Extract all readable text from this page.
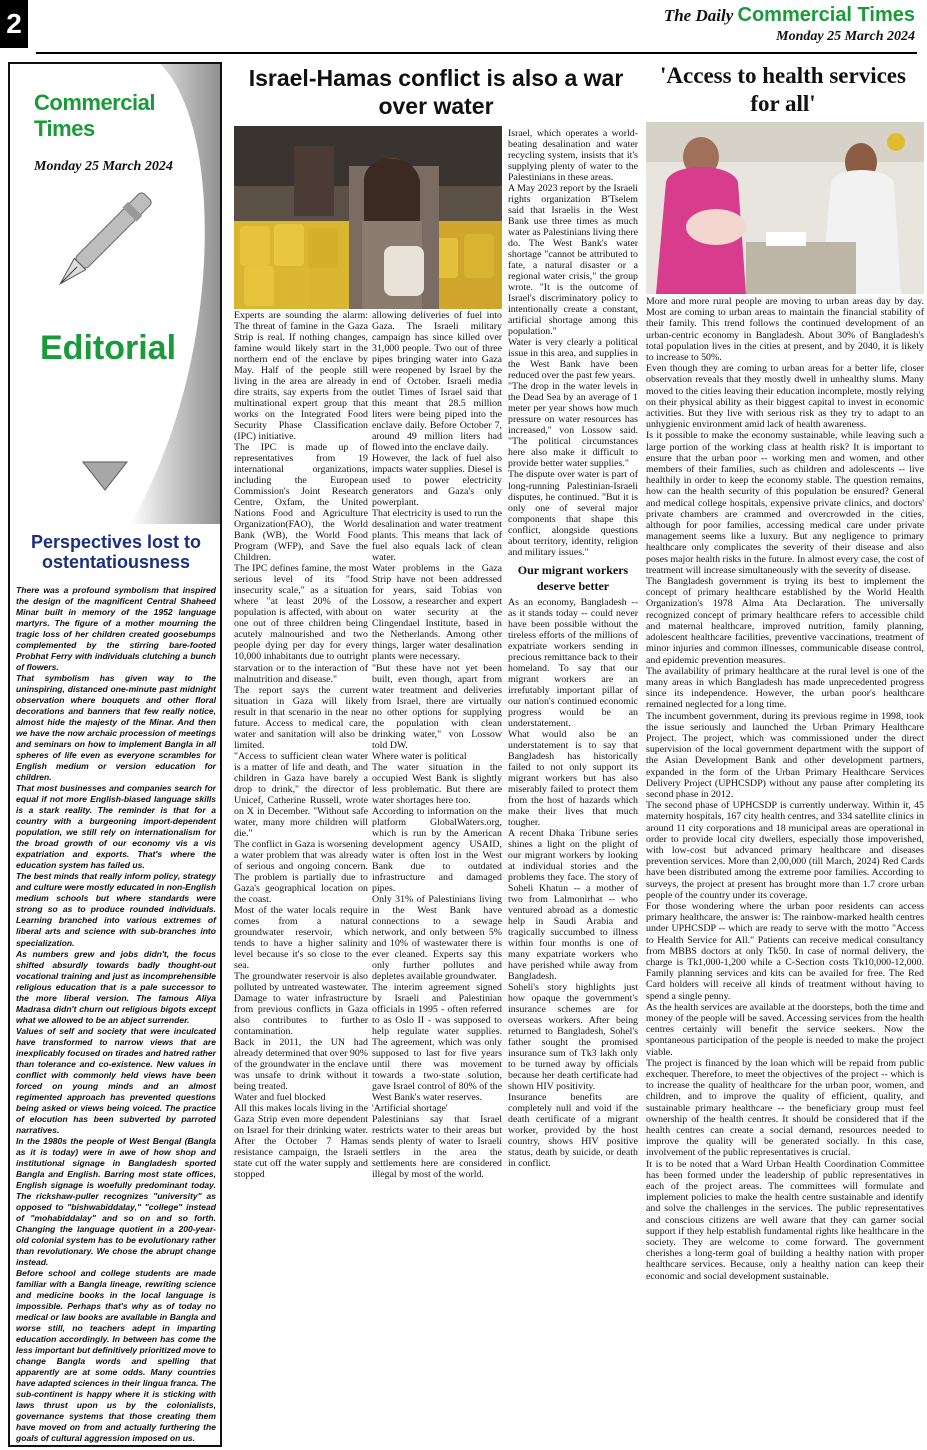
2	The Daily Commercial Times
Monday 25 March 2024
Commercial Times
Monday 25 March 2024
Editorial
Perspectives lost to ostentatiousness

There was a profound symbolism that inspired the design of the magnificent Central Shaheed Minar built in memory of the 1952 language martyrs. The figure of a mother mourning the tragic loss of her children created goosebumps complemented by the stirring bare-footed Probhat Ferry with individuals clutching a bunch of flowers.

That symbolism has given way to the uninspiring, distanced one-minute past midnight observation where bouquets and other floral decorations and banners that few really notice, almost hide the majesty of the Minar. And then we have the now archaic procession of meetings and seminars on how to implement Bangla in all spheres of life even as everyone scrambles for English medium or version education for children.

That most businesses and companies search for equal if not more English-biased language skills is a stark reality. The reminder is that for a country with a burgeoning import-dependent population, we still rely on internationalism for the broad growth of our economy vis a vis expatriation and exports. That's where the education system has failed us.

The best minds that really inform policy, strategy and culture were mostly educated in non-English medium schools but where standards were strong so as to produce rounded individuals. Learning branched into various extremes of liberal arts and science with sub-branches into specialization.

As numbers grew and jobs didn't, the focus shifted absurdly towards badly thought-out vocational training and just as incomprehensible religious education that is a pale successor to the more liberal version. The famous Aliya Madrasa didn't churn out religious bigots except what we allowed to be an abject surrender.

Values of self and society that were inculcated have transformed to narrow views that are inexplicably focused on tirades and hatred rather than tolerance and co-existence. New values in conflict with commonly held views have been forced on young minds and an almost regimented approach has prevented questions being asked or views being voiced. The practice of elocution has been subverted by parroted narratives.

In the 1980s the people of West Bengal (Bangla as it is today) were in awe of how shop and institutional signage in Bangladesh sported Bangla and English. Barring most state offices, English signage is woefully predominant today. The rickshaw-puller recognizes "university" as opposed to "bishwabiddalay," "college" instead of "mohabiddalay" and so on and so forth. Changing the language quotient in a 200-year-old colonial system has to be evolutionary rather than revolutionary. We chose the abrupt change instead.

Before school and college students are made familiar with a Bangla lineage, rewriting science and medicine books in the local language is impossible. Perhaps that's why as of today no medical or law books are available in Bangla and worse still, no teachers adept in imparting education accordingly. In between has come the less important but definitively prioritized move to change Bangla words and spelling that apparently are at some odds. Many countries have adapted sciences in their lingua franca. The sub-continent is happy where it is sticking with laws thrust upon us by the colonialists, governance systems that those creating them have moved on from and actually furthering the goals of cultural aggression imposed on us.

Israel-Hamas conflict is also a war over water

Experts are sounding the alarm: The threat of famine in the Gaza Strip is real. If nothing changes, famine would likely start in the northern end of the enclave by May. Half of the people still living in the area are already in dire straits, say experts from the multinational expert group that works on the Integrated Food Security Phase Classification (IPC) initiative.

The IPC is made up of representatives from 19 international organizations, including the European Commission's Joint Research Centre, Oxfam, the United Nations Food and Agriculture Organization(FAO), the World Bank (WB), the World Food Program (WFP), and Save the Children.

The IPC defines famine, the most serious level of its "food insecurity scale," as a situation where "at least 20% of the population is affected, with about one out of three children being acutely malnourished and two people dying per day for every 10,000 inhabitants due to outright starvation or to the interaction of malnutrition and disease."

The report says the current situation in Gaza will likely result in that scenario in the near future. Access to medical care, water and sanitation will also be limited.

"Access to sufficient clean water is a matter of life and death, and children in Gaza have barely a drop to drink," the director of Unicef, Catherine Russell, wrote on X in December. "Without safe water, many more children will die."

The conflict in Gaza is worsening a water problem that was already of serious and ongoing concern. The problem is partially due to Gaza's geographical location on the coast.

Most of the water locals require comes from a natural groundwater reservoir, which tends to have a higher salinity level because it's so close to the sea.

The groundwater reservoir is also polluted by untreated wastewater. Damage to water infrastructure from previous conflicts in Gaza also contributes to further contamination.

Back in 2011, the UN had already determined that over 90% of the groundwater in the enclave was unsafe to drink without it being treated.

Water and fuel blocked

All this makes locals living in the Gaza Strip even more dependent on Israel for their drinking water. After the October 7 Hamas resistance campaign, the Israeli state cut off the water supply and stopped

allowing deliveries of fuel into Gaza. The Israeli military campaign has since killed over 31,000 people. Two out of three pipes bringing water into Gaza were reopened by Israel by the end of October. Israeli media outlet Times of Israel said that this meant that 28.5 million liters were being piped into the enclave daily. Before October 7, around 49 million liters had flowed into the enclave daily.

However, the lack of fuel also impacts water supplies. Diesel is used to power electricity generators and Gaza's only powerplant.

That electricity is used to run the desalination and water treatment plants. This means that lack of fuel also equals lack of clean water.

Water problems in the Gaza Strip have not been addressed for years, said Tobias von Lossow, a researcher and expert on water security at the Clingendael Institute, based in the Netherlands. Among other things, larger water desalination plants were necessary.

"But these have not yet been built, even though, apart from water treatment and deliveries from Israel, there are virtually no other options for supplying the population with clean drinking water," von Lossow told DW.

Where water is political

The water situation in the occupied West Bank is slightly less problematic. But there are water shortages here too.

According to information on the platform GlobalWaters.org, which is run by the American development agency USAID, water is often lost in the West Bank due to outdated infrastructure and damaged pipes.

Only 31% of Palestinians living in the West Bank have connections to a sewage network, and only between 5% and 10% of wastewater there is ever cleaned. Experts say this only further pollutes and depletes available groundwater.

The interim agreement signed by Israeli and Palestinian officials in 1995 - often referred to as Oslo II - was supposed to help regulate water supplies. The agreement, which was only supposed to last for five years until there was movement towards a two-state solution, gave Israel control of 80% of the West Bank's water reserves.

'Artificial shortage'

Palestinians say that Israel restricts water to their areas but sends plenty of water to Israeli settlers in the area the settlements here are considered illegal by most of the world.

Israel, which operates a world-beating desalination and water recycling system, insists that it's supplying plenty of water to the Palestinians in these areas.

A May 2023 report by the Israeli rights organization B'Tselem said that Israelis in the West Bank use three times as much water as Palestinians living there do. The West Bank's water shortage "cannot be attributed to fate, a natural disaster or a regional water crisis," the group wrote. "It is the outcome of Israel's discriminatory policy to intentionally create a constant, artificial shortage among this population."

Water is very clearly a political issue in this area, and supplies in the West Bank have been reduced over the past few years.

"The drop in the water levels in the Dead Sea by an average of 1 meter per year shows how much pressure on water resources has increased," von Lossow said. "The political circumstances here also make it difficult to provide better water supplies."

The dispute over water is part of long-running Palestinian-Israeli disputes, he continued. "But it is only one of several major components that shape this conflict, alongside questions about territory, identity, religion and military issues."

Our migrant workers deserve better

As an economy, Bangladesh -- as it stands today -- could never have been possible without the tireless efforts of the millions of expatriate workers sending in precious remittance back to their homeland. To say that our migrant workers are an irrefutably important pillar of our nation's continued economic progress would be an understatement.

What would also be an understatement is to say that Bangladesh has historically failed to not only support its migrant workers but has also miserably failed to protect them from the host of hazards which make their lives that much tougher.

A recent Dhaka Tribune series shines a light on the plight of our migrant workers by looking at individual stories and the problems they face. The story of Soheli Khatun -- a mother of two from Lalmonirhat -- who ventured abroad as a domestic help in Saudi Arabia and tragically succumbed to illness within four months is one of many expatriate workers who have perished while away from Bangladesh.

Soheli's story highlights just how opaque the government's insurance schemes are for overseas workers. After being returned to Bangladesh, Sohel's father sought the promised insurance sum of Tk3 lakh only to be turned away by officials because her death certificate had shown HIV positivity.

Insurance benefits are completely null and void if the death certificate of a migrant worker, provided by the host country, shows HIV positive status, death by suicide, or death in conflict.

'Access to health services for all'

More and more rural people are moving to urban areas day by day. Most are coming to urban areas to maintain the financial stability of their family. This trend follows the continued development of an urban-centric economy in Bangladesh. About 30% of Bangladesh's total population lives in the cities at present, and by 2040, it is likely to increase to 50%.

Even though they are coming to urban areas for a better life, closer observation reveals that they mostly dwell in unhealthy slums. Many moved to the cities leaving their education incomplete, mostly relying on their physical ability as their biggest capital to invest in economic activities. But they live with serious risk as they try to adapt to an unhygienic environment amid lack of health awareness.

Is it possible to make the economy sustainable, while leaving such a large portion of the working class at health risk? It is important to ensure that the urban poor -- working men and women, and other members of their families, such as children and adolescents -- live healthily in order to keep the economy stable. The question remains, how can the health security of this population be ensured? General and medical college hospitals, expensive private clinics, and doctors' private chambers are crammed and overcrowded in the cities, although for poor families, accessing medical care under private management seems like a luxury. But any negligence to primary healthcare only complicates the severity of their disease and also poses major health risks in the future. In almost every case, the cost of treatment will increase simultaneously with the severity of disease.

The Bangladesh government is trying its best to implement the concept of primary healthcare established by the World Health Organization's 1978 Alma Ata Declaration. The universally recognized concept of primary healthcare refers to accessible child and maternal healthcare, improved nutrition, family planning, adolescent healthcare facilities, preventive vaccinations, treatment of minor injuries and common illnesses, communicable disease control, and epidemic prevention measures.

The availability of primary healthcare at the rural level is one of the many areas in which Bangladesh has made unprecedented progress since its independence. However, the urban poor's healthcare remained neglected for a long time.

The incumbent government, during its previous regime in 1998, took the issue seriously and launched the Urban Primary Healthcare Project. The project, which was commissioned under the direct supervision of the local government department with the support of the Asian Development Bank and other development partners, expanded in the form of the Urban Primary Healthcare Services Delivery Project (UPHCSDP) without any pause after completing its second phase in 2012.

The second phase of UPHCSDP is currently underway. Within it, 45 maternity hospitals, 167 city health centres, and 334 satellite clinics in around 11 city corporations and 18 municipal areas are operational in order to provide local city dwellers, especially those impoverished, with low-cost but advanced primary healthcare and diseases prevention services. More than 2,00,000 (till March, 2024) Red Cards have been distributed among the extreme poor families. According to surveys, the project at present has brought more than 1.7 crore urban people of the country under its coverage.

For those wondering where the urban poor residents can access primary healthcare, the answer is: The rainbow-marked health centres under UPHCSDP -- which are ready to serve with the motto "Access to Health Service for All." Patients can receive medical consultancy from MBBS doctors at only Tk50. In case of normal delivery, the charge is Tk1,000-1,200 while a C-Section costs Tk10,000-12,000. Family planning services and kits can be availed for free. The Red Card holders will receive all kinds of treatment without having to spend a single penny.

As the health services are available at the doorsteps, both the time and money of the people will be saved. Accessing services from the health centres certainly will benefit the service seekers. Now the spontaneous participation of the people is needed to make the project viable.

The project is financed by the loan which will be repaid from public exchequer. Therefore, to meet the objectives of the project -- which is to increase the quality of healthcare for the urban poor, women, and children, and to improve the quality of efficient, quality, and sustainable primary healthcare -- the beneficiary group must feel ownership of the health centres. It should be considered that if the health centres can create a social demand, resources needed to improve the quality will be generated socially. In this case, involvement of the public representatives is crucial.

It is to be noted that a Ward Urban Health Coordination Committee has been formed under the leadership of public representatives in each of the project areas. The committees will formulate and implement policies to make the health centre sustainable and identify and solve the challenges in the services. The public representatives and conscious citizens are well aware that they can garner social support if they help establish fundamental rights like healthcare in the society. They are welcome to come forward. The government cherishes a long-term goal of building a healthy nation with proper healthcare services. Because, only a healthy nation can keep their economic and social development sustainable.
